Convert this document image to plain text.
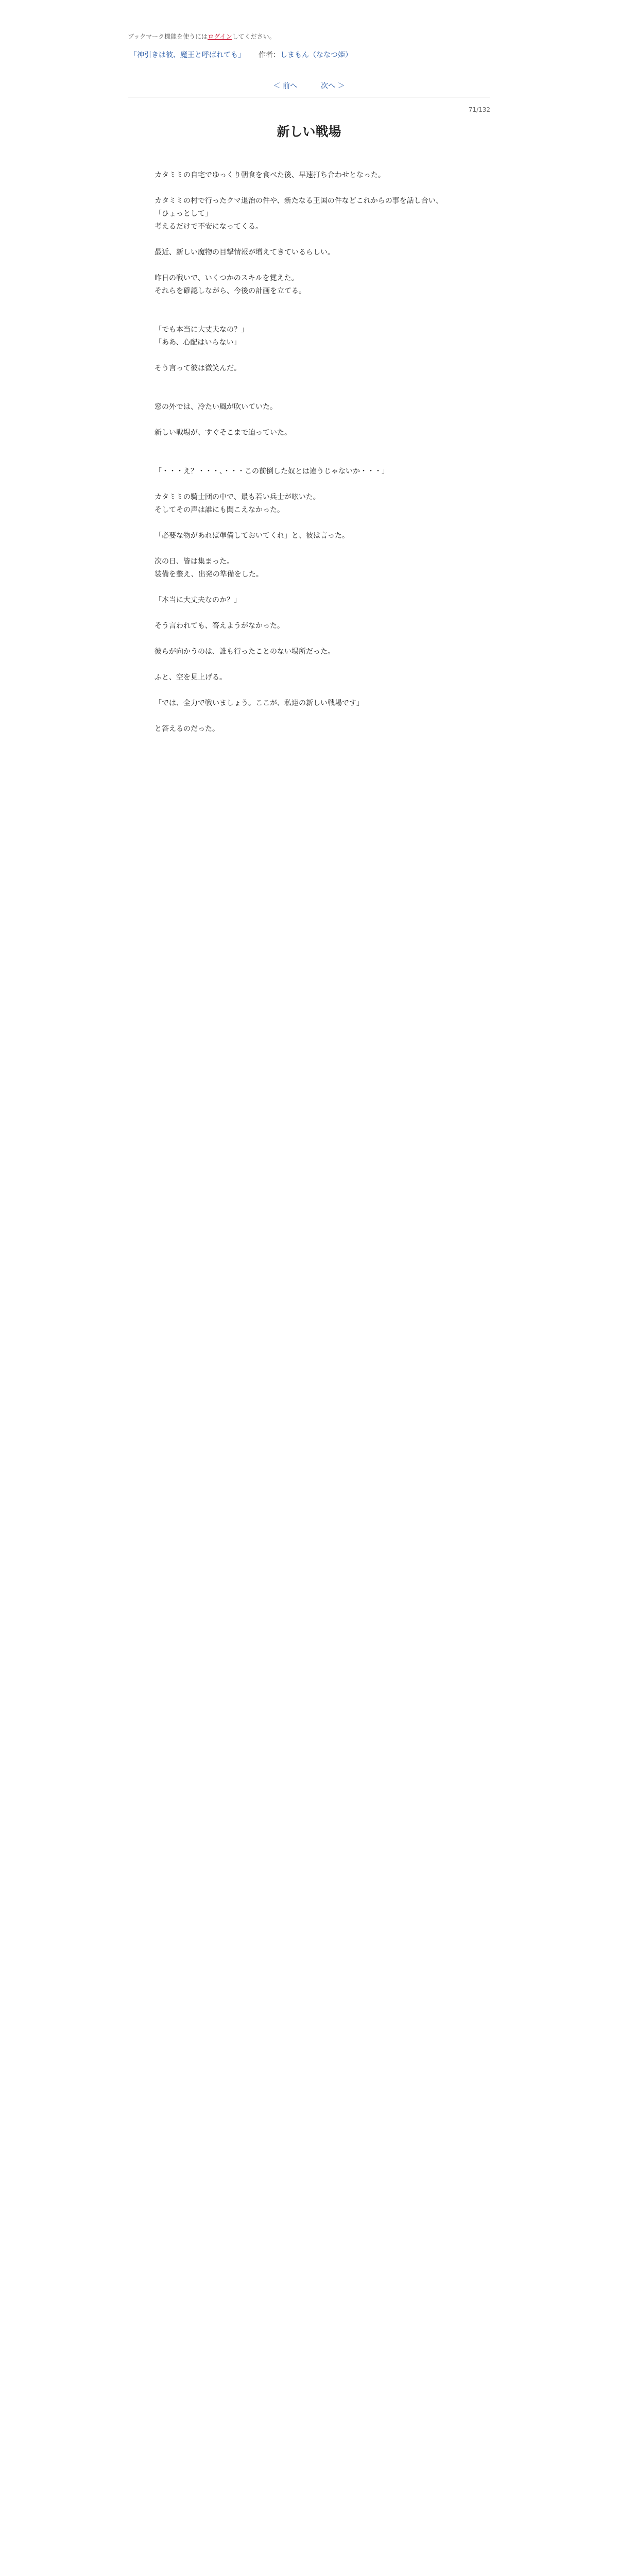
ブックマーク機能を使うにはログインしてください。
「神引きは彼、魔王と呼ばれても」 作者：しまもん（ななつ姫）
＜ 前へ	次へ ＞
71/132
新しい戦場

カタミミの自宅でゆっくり朝食を食べた後、早速打ち合わせとなった。

カタミミの村で行ったクマ退治の件や、新たなる王国の件などこれからの事を話し合い、

「ひょっとして」

考えるだけで不安になってくる。

最近、新しい魔物の目撃情報が増えてきているらしい。

昨日の戦いで、いくつかのスキルを覚えた。

それらを確認しながら、今後の計画を立てる。

「でも本当に大丈夫なの？」

「ああ、心配はいらない」

そう言って彼は微笑んだ。

窓の外では、冷たい風が吹いていた。

新しい戦場が、すぐそこまで迫っていた。

「・・・え？・・・、・・・この前倒した奴とは違うじゃないか・・・」

カタミミの騎士団の中で、最も若い兵士が呟いた。

そしてその声は誰にも聞こえなかった。

「必要な物があれば準備しておいてくれ」と、彼は言った。

次の日、皆は集まった。

装備を整え、出発の準備をした。

「本当に大丈夫なのか？」

そう言われても、答えようがなかった。

彼らが向かうのは、誰も行ったことのない場所だった。

ふと、空を見上げる。

「では、全力で戦いましょう。ここが、私達の新しい戦場です」

と答えるのだった。
